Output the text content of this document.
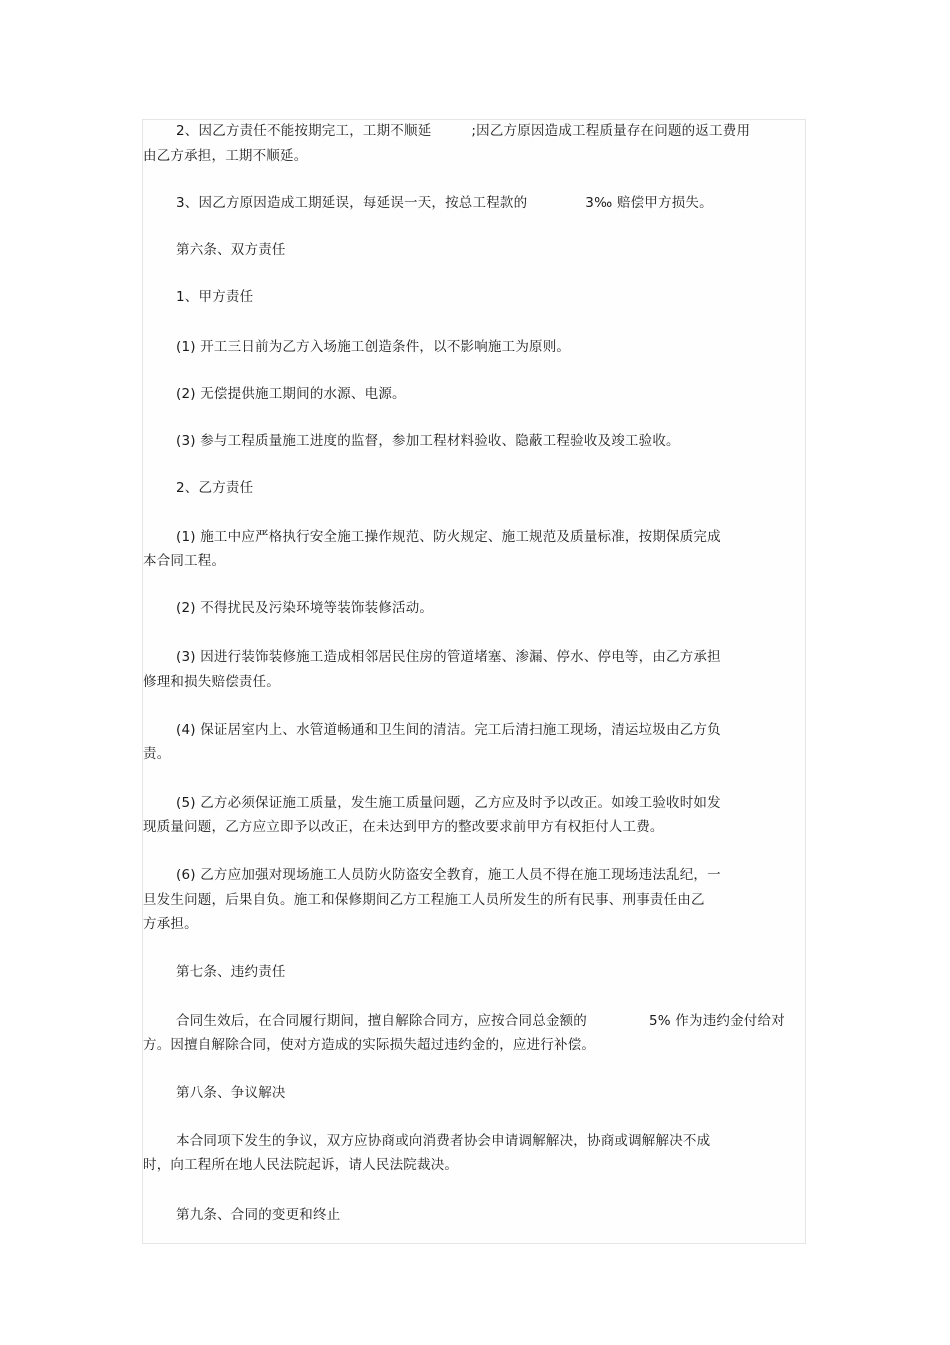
2、因乙方责任不能按期完工，工期不顺延	;因乙方原因造成工程质量存在问题的返工费用
由乙方承担，工期不顺延。
3、因乙方原因造成工期延误，每延误一天，按总工程款的	3‰ 赔偿甲方损失。
第六条、双方责任
1、甲方责任
(1) 开工三日前为乙方入场施工创造条件，以不影响施工为原则。
(2) 无偿提供施工期间的水源、电源。
(3) 参与工程质量施工进度的监督，参加工程材料验收、隐蔽工程验收及竣工验收。
2、乙方责任
(1) 施工中应严格执行安全施工操作规范、防火规定、施工规范及质量标准，按期保质完成
本合同工程。
(2) 不得扰民及污染环境等装饰装修活动。
(3) 因进行装饰装修施工造成相邻居民住房的管道堵塞、渗漏、停水、停电等，由乙方承担
修理和损失赔偿责任。
(4) 保证居室内上、水管道畅通和卫生间的清洁。完工后清扫施工现场，清运垃圾由乙方负
责。
(5) 乙方必须保证施工质量，发生施工质量问题，乙方应及时予以改正。如竣工验收时如发
现质量问题，乙方应立即予以改正，在未达到甲方的整改要求前甲方有权拒付人工费。
(6) 乙方应加强对现场施工人员防火防盗安全教育，施工人员不得在施工现场违法乱纪，一
旦发生问题，后果自负。施工和保修期间乙方工程施工人员所发生的所有民事、刑事责任由乙
方承担。
第七条、违约责任
合同生效后，在合同履行期间，擅自解除合同方，应按合同总金额的	5% 作为违约金付给对
方。因擅自解除合同，使对方造成的实际损失超过违约金的，应进行补偿。
第八条、争议解决
本合同项下发生的争议，双方应协商或向消费者协会申请调解解决，协商或调解解决不成
时，向工程所在地人民法院起诉，请人民法院裁决。
第九条、合同的变更和终止
